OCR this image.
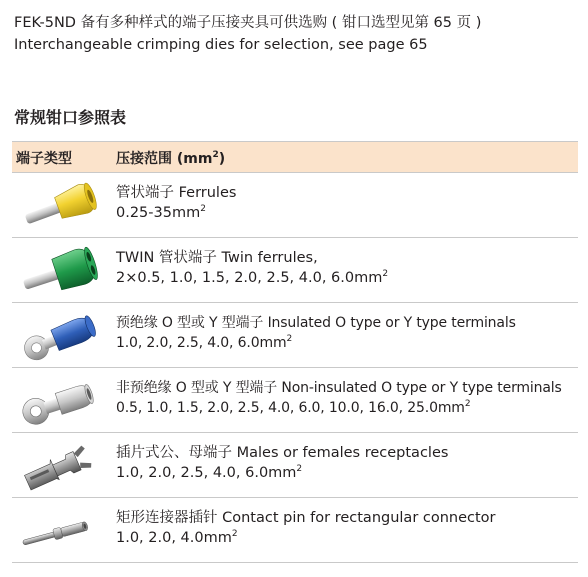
FEK-5ND 备有多种样式的端子压接夹具可供选购 ( 钳口选型见第 65 页 )
Interchangeable crimping dies for selection, see page 65
常规钳口参照表
端子类型	压接范围 $(mm^2)$
管状端子 Ferrules
$0.25-35mm^2$
TWIN 管状端子 Twin ferrules,
2×0.5, 1.0, 1.5, 2.0, 2.5, 4.0, $6.0mm^2$
预绝缘 O 型或 Y 型端子 Insulated O type or Y type terminals
1.0, 2.0, 2.5, 4.0, $6.0mm^2$
非预绝缘 O 型或 Y 型端子 Non-insulated O type or Y type terminals
0.5, 1.0, 1.5, 2.0, 2.5, 4.0, 6.0, 10.0, 16.0, $25.0mm^2$
插片式公、母端子 Males or females receptacles
1.0, 2.0, 2.5, 4.0, $6.0mm^2$
矩形连接器插针 Contact pin for rectangular connector
1.0, 2.0, $4.0mm^2$
